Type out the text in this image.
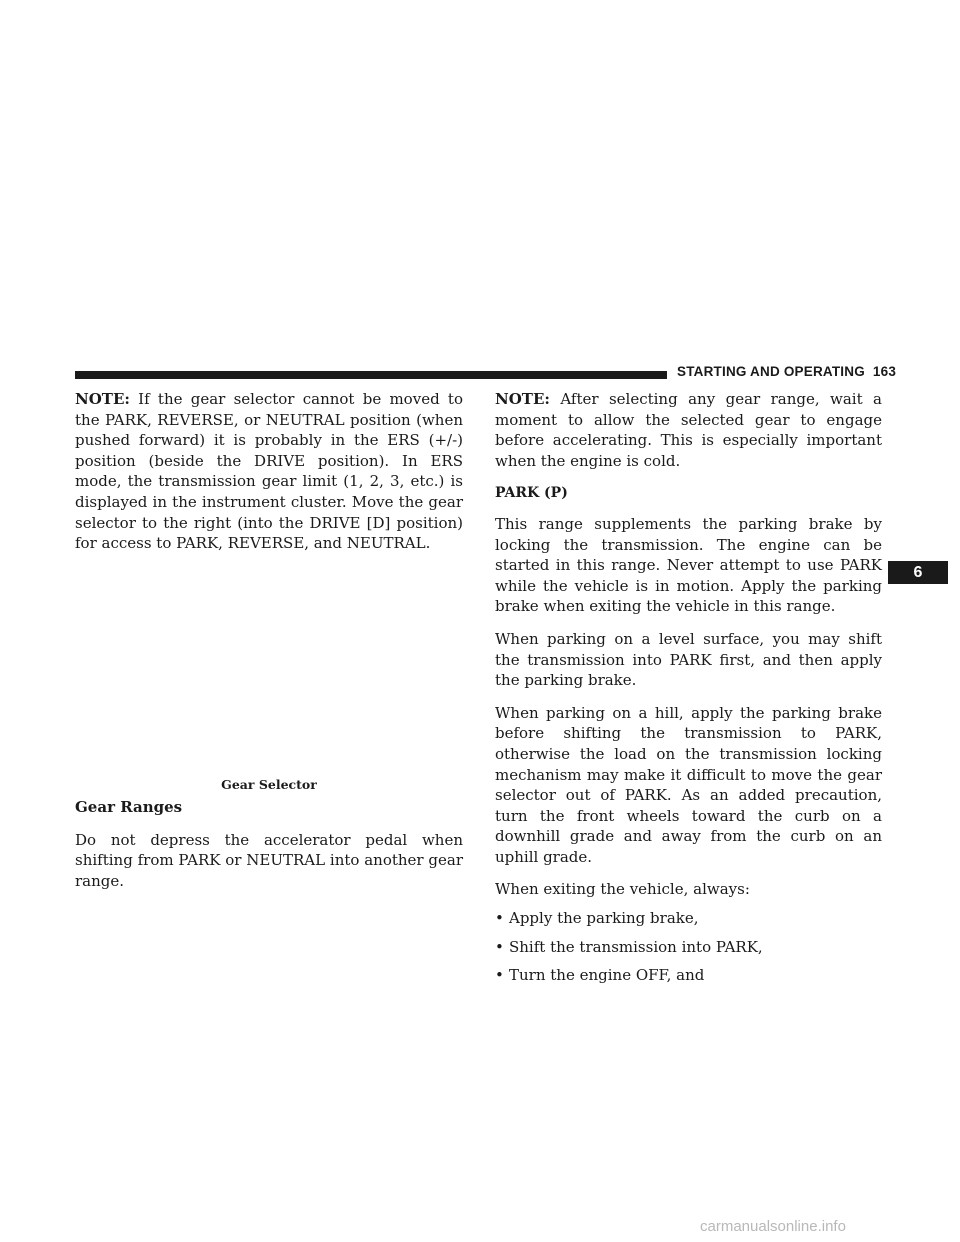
STARTING AND OPERATING 163

NOTE: If the gear selector cannot be moved to the PARK, REVERSE, or NEUTRAL position (when pushed forward) it is probably in the ERS (+/-) position (beside the DRIVE position). In ERS mode, the transmission gear limit (1, 2, 3, etc.) is displayed in the instrument cluster. Move the gear selector to the right (into the DRIVE [D] position) for access to PARK, REVERSE, and NEUTRAL.

Gear Selector
Gear Ranges

Do not depress the accelerator pedal when shifting from PARK or NEUTRAL into another gear range.

NOTE: After selecting any gear range, wait a moment to allow the selected gear to engage before accelerating. This is especially important when the engine is cold.

PARK (P)

This range supplements the parking brake by locking the transmission. The engine can be started in this range. Never attempt to use PARK while the vehicle is in motion. Apply the parking brake when exiting the vehicle in this range.

When parking on a level surface, you may shift the transmission into PARK first, and then apply the parking brake.

When parking on a hill, apply the parking brake before shifting the transmission to PARK, otherwise the load on the transmission locking mechanism may make it difficult to move the gear selector out of PARK. As an added precaution, turn the front wheels toward the curb on a downhill grade and away from the curb on an uphill grade.

When exiting the vehicle, always:

• Apply the parking brake,
• Shift the transmission into PARK,
• Turn the engine OFF, and
6
carmanualsonline.info
